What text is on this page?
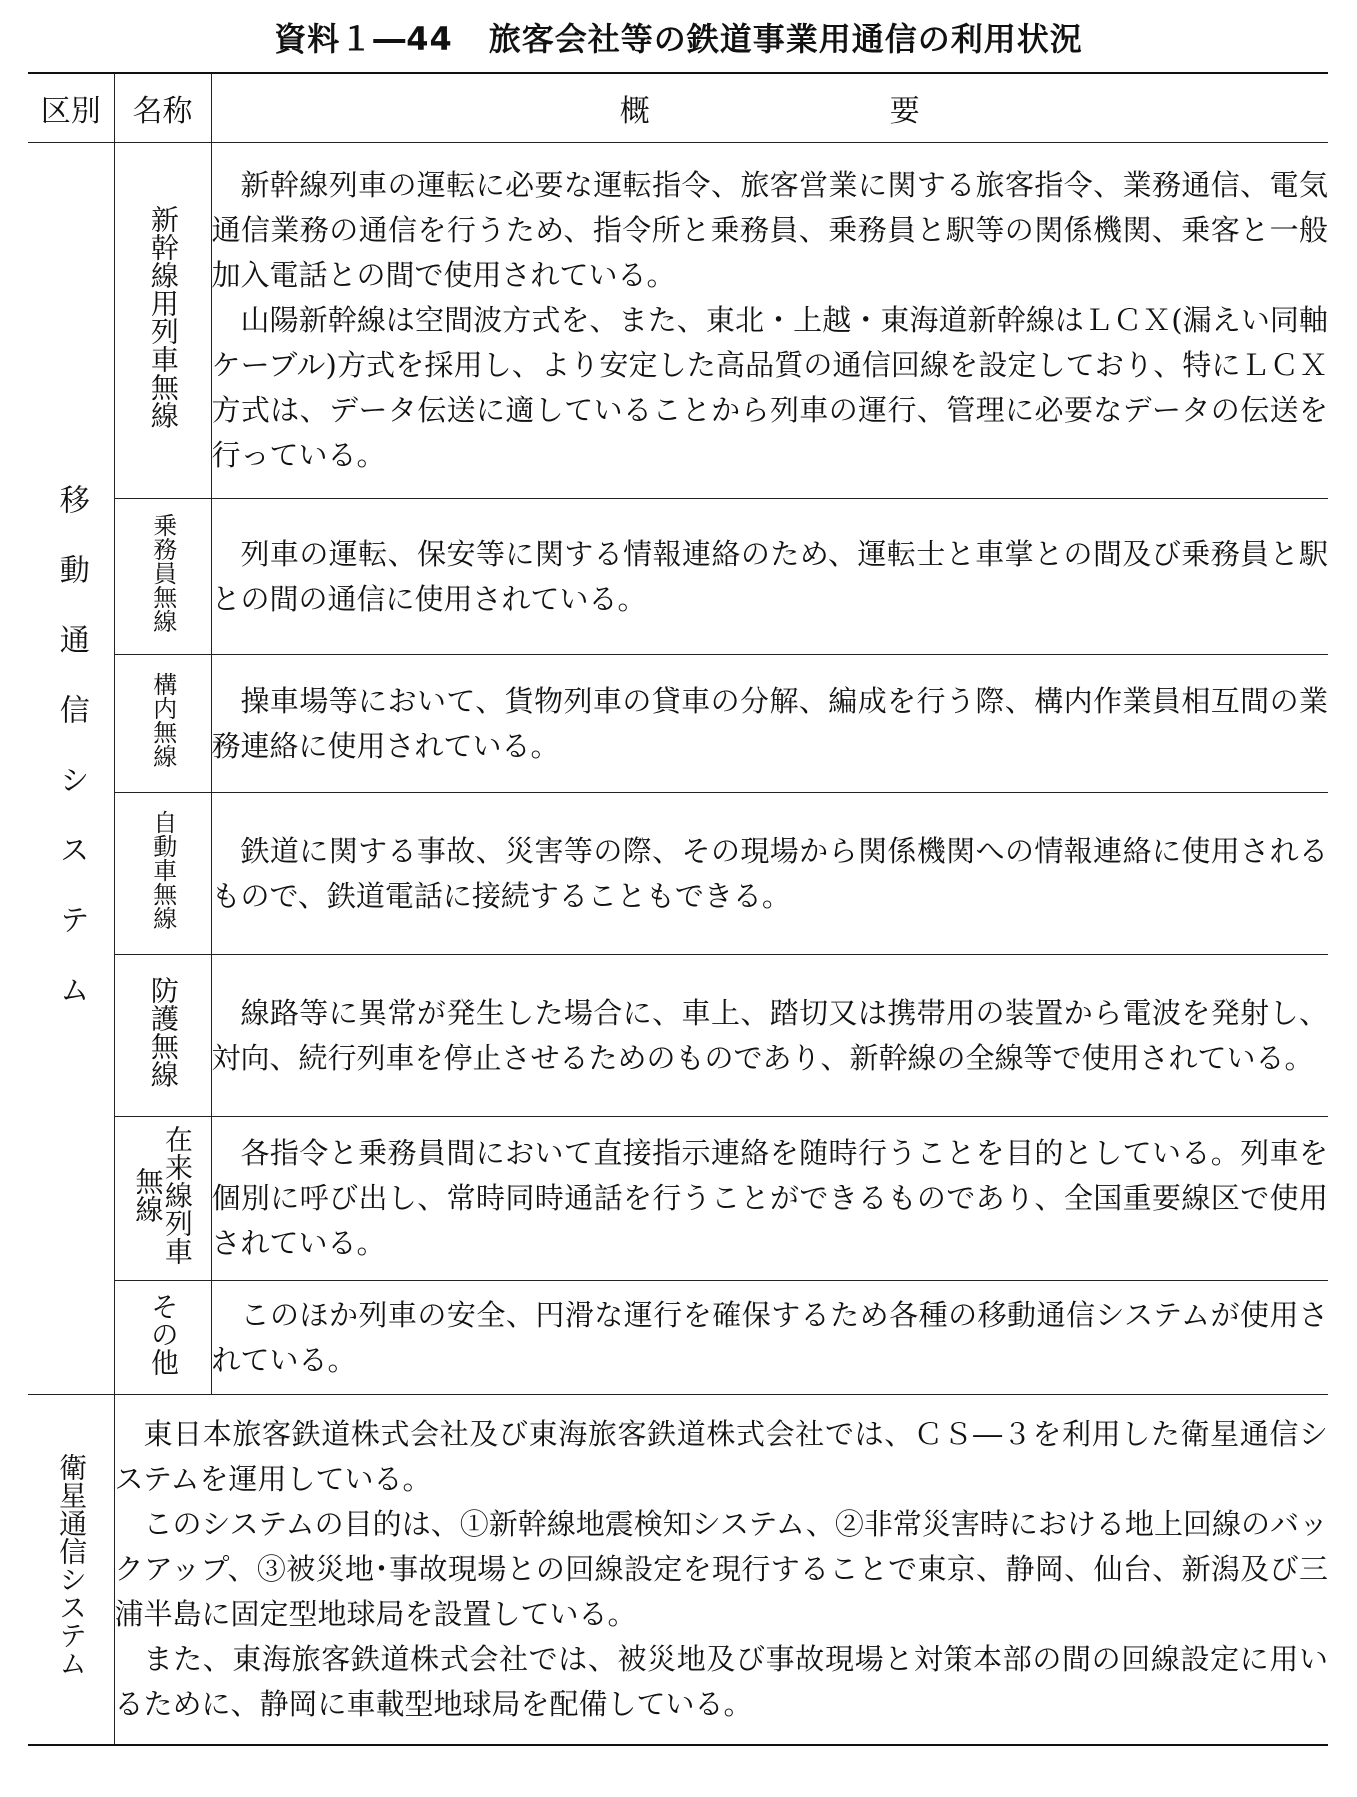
資料１―44 旅客会社等の鉄道事業用通信の利用状況
区別	名称	概 要
移動通信システム	新幹線用列車無線	新幹線列車の運転に必要な運転指令、旅客営業に関する旅客指令、業務通信、電気通信業務の通信を行うため、指令所と乗務員、乗務員と駅等の関係機関、乗客と一般加入電話との間で使用されている。

山陽新幹線は空間波方式を、また、東北・上越・東海道新幹線はＬＣＸ(漏えい同軸ケーブル)方式を採用し、より安定した高品質の通信回線を設定しており、特にＬＣＸ方式は、データ伝送に適していることから列車の運行、管理に必要なデータの伝送を行っている。

	乗務員無線	列車の運転、保安等に関する情報連絡のため、運転士と車掌との間及び乗務員と駅との間の通信に使用されている。

	構内無線	操車場等において、貨物列車の貸車の分解、編成を行う際、構内作業員相互間の業務連絡に使用されている。

	自動車無線	鉄道に関する事故、災害等の際、その現場から関係機関への情報連絡に使用されるもので、鉄道電話に接続することもできる。

	防護無線	線路等に異常が発生した場合に、車上、踏切又は携帯用の装置から電波を発射し、対向、続行列車を停止させるためのものであり、新幹線の全線等で使用されている。

	在来線列車無線	各指令と乗務員間において直接指示連絡を随時行うことを目的としている。列車を個別に呼び出し、常時同時通話を行うことができるものであり、全国重要線区で使用されている。

	その他	このほか列車の安全、円滑な運行を確保するため各種の移動通信システムが使用されている。

衛星通信システム	東日本旅客鉄道株式会社及び東海旅客鉄道株式会社では、ＣＳ―３を利用した衛星通信システムを運用している。

このシステムの目的は、①新幹線地震検知システム、②非常災害時における地上回線のバックアップ、③被災地･事故現場との回線設定を現行することで東京、静岡、仙台、新潟及び三浦半島に固定型地球局を設置している。

また、東海旅客鉄道株式会社では、被災地及び事故現場と対策本部の間の回線設定に用いるために、静岡に車載型地球局を配備している。	
